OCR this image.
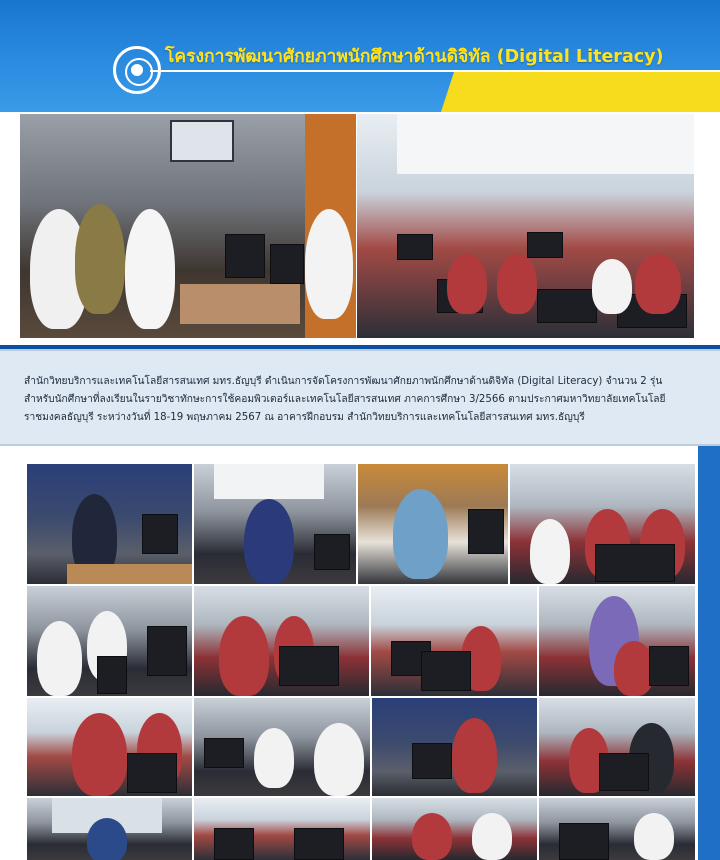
โครงการพัฒนาศักยภาพนักศึกษาด้านดิจิทัล (Digital Literacy)
สำนักวิทยบริการและเทคโนโลยีสารสนเทศ มทร.ธัญบุรี ดำเนินการจัดโครงการพัฒนาศักยภาพนักศึกษาด้านดิจิทัล (Digital Literacy) จำนวน 2 รุ่น
สำหรับนักศึกษาที่ลงเรียนในรายวิชาทักษะการใช้คอมพิวเตอร์และเทคโนโลยีสารสนเทศ ภาคการศึกษา 3/2566 ตามประกาศมหาวิทยาลัยเทคโนโลยี
ราชมงคลธัญบุรี ระหว่างวันที่ 18-19 พฤษภาคม 2567 ณ อาคารฝึกอบรม สำนักวิทยบริการและเทคโนโลยีสารสนเทศ มทร.ธัญบุรี
